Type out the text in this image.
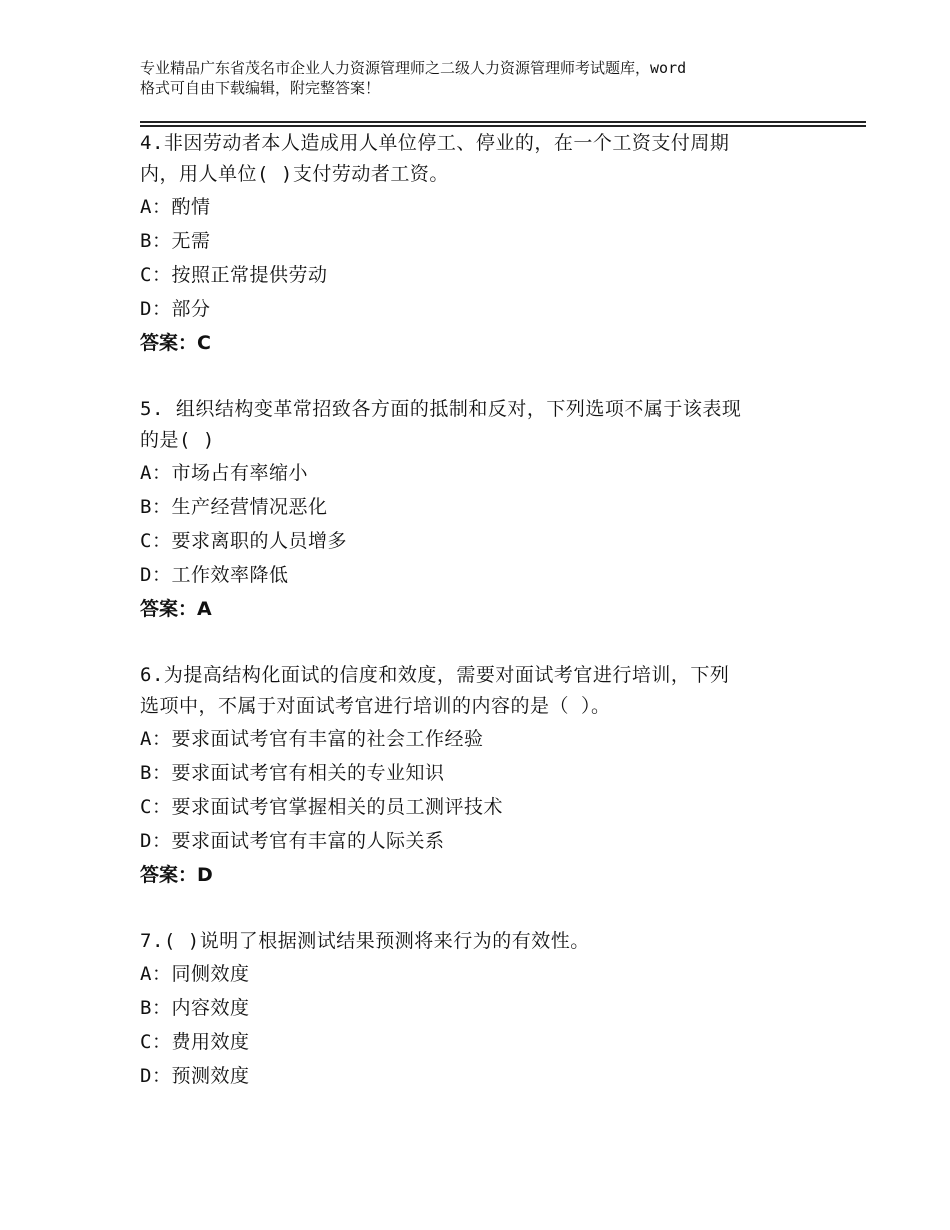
专业精品广东省茂名市企业人力资源管理师之二级人力资源管理师考试题库，word
格式可自由下载编辑，附完整答案！
4.非因劳动者本人造成用人单位停工、停业的，在一个工资支付周期
内，用人单位( )支付劳动者工资。
A：酌情
B：无需
C：按照正常提供劳动
D：部分
答案：C
5. 组织结构变革常招致各方面的抵制和反对，下列选项不属于该表现
的是( )
A：市场占有率缩小
B：生产经营情况恶化
C：要求离职的人员增多
D：工作效率降低
答案：A
6.为提高结构化面试的信度和效度，需要对面试考官进行培训，下列
选项中，不属于对面试考官进行培训的内容的是（ ）。
A：要求面试考官有丰富的社会工作经验
B：要求面试考官有相关的专业知识
C：要求面试考官掌握相关的员工测评技术
D：要求面试考官有丰富的人际关系
答案：D
7.( )说明了根据测试结果预测将来行为的有效性。
A：同侧效度
B：内容效度
C：费用效度
D：预测效度
